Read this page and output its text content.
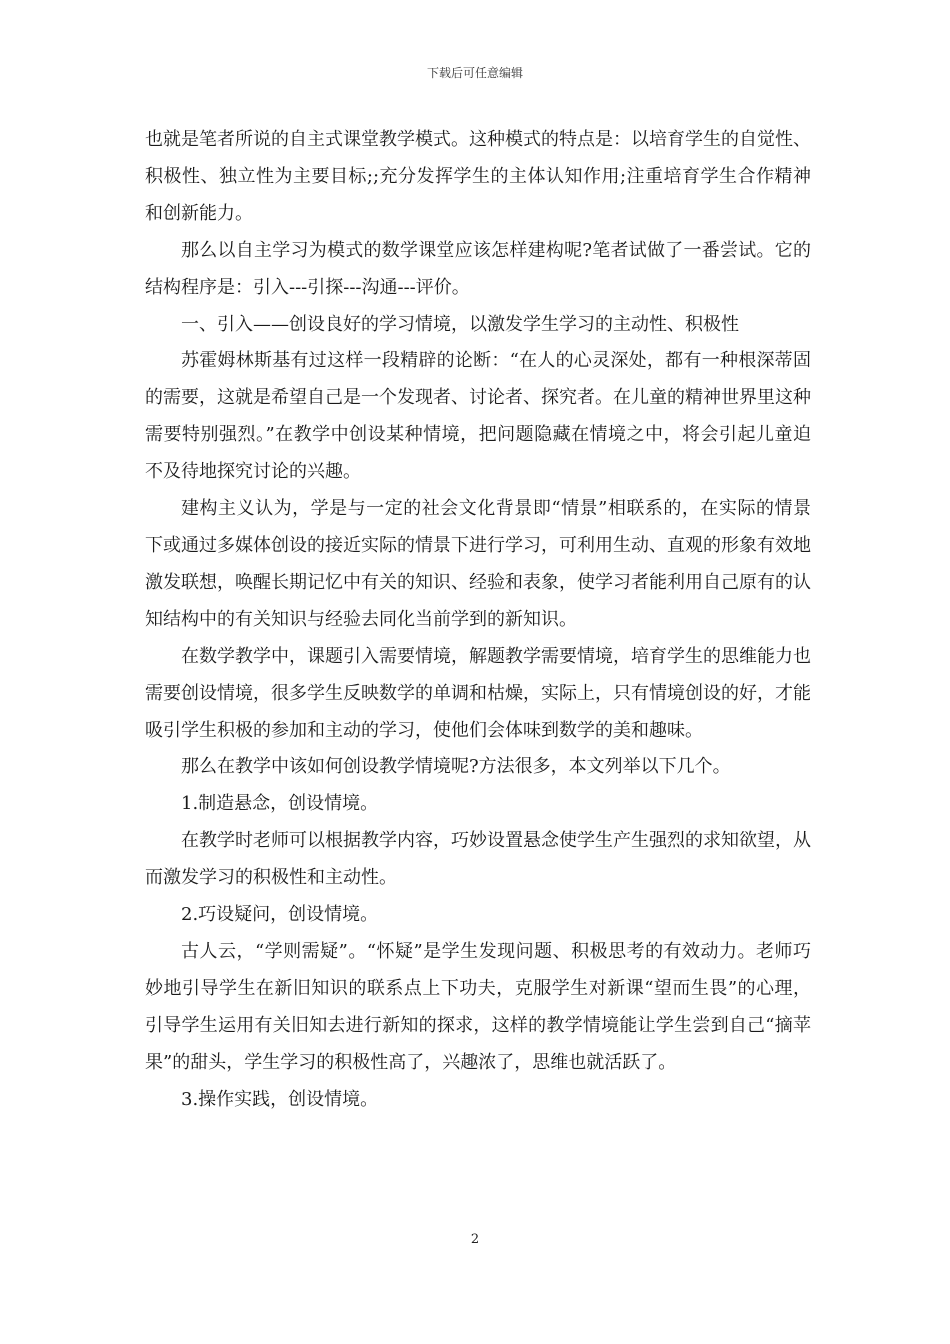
下载后可任意编辑

也就是笔者所说的自主式课堂教学模式。这种模式的特点是：以培育学生的自觉性、积极性、独立性为主要目标;;充分发挥学生的主体认知作用;注重培育学生合作精神和创新能力。

那么以自主学习为模式的数学课堂应该怎样建构呢?笔者试做了一番尝试。它的结构程序是：引入---引探---沟通---评价。

一、引入——创设良好的学习情境，以激发学生学习的主动性、积极性

苏霍姆林斯基有过这样一段精辟的论断：“在人的心灵深处，都有一种根深蒂固的需要，这就是希望自己是一个发现者、讨论者、探究者。在儿童的精神世界里这种需要特别强烈。”在教学中创设某种情境，把问题隐藏在情境之中，将会引起儿童迫不及待地探究讨论的兴趣。

建构主义认为，学是与一定的社会文化背景即“情景”相联系的，在实际的情景下或通过多媒体创设的接近实际的情景下进行学习，可利用生动、直观的形象有效地激发联想，唤醒长期记忆中有关的知识、经验和表象，使学习者能利用自己原有的认知结构中的有关知识与经验去同化当前学到的新知识。

在数学教学中，课题引入需要情境，解题教学需要情境，培育学生的思维能力也需要创设情境，很多学生反映数学的单调和枯燥，实际上，只有情境创设的好，才能吸引学生积极的参加和主动的学习，使他们会体味到数学的美和趣味。

那么在教学中该如何创设教学情境呢?方法很多，本文列举以下几个。

1.制造悬念，创设情境。

在教学时老师可以根据教学内容，巧妙设置悬念使学生产生强烈的求知欲望，从而激发学习的积极性和主动性。

2.巧设疑问，创设情境。

古人云，“学则需疑”。“怀疑”是学生发现问题、积极思考的有效动力。老师巧妙地引导学生在新旧知识的联系点上下功夫，克服学生对新课“望而生畏”的心理，引导学生运用有关旧知去进行新知的探求，这样的教学情境能让学生尝到自己“摘苹果”的甜头，学生学习的积极性高了，兴趣浓了，思维也就活跃了。

3.操作实践，创设情境。

2
